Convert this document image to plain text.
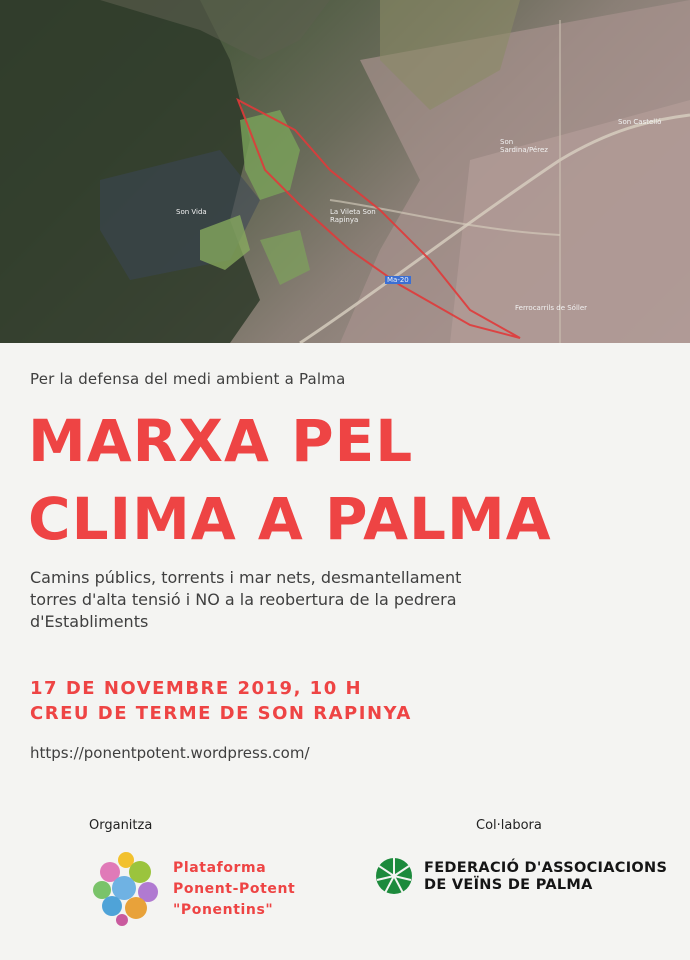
Son Vida	La Vileta Son Rapinya
Son Castelló
Son Sardina/Pérez
Ferrocarrils de Sóller
Ma-20
Per la defensa del medi ambient a Palma
MARXA PEL
CLIMA A PALMA
Camins públics, torrents i mar nets, desmantellament
torres d'alta tensió i NO a la reobertura de la pedrera
d'Establiments
17 DE NOVEMBRE 2019, 10 H
CREU DE TERME DE SON RAPINYA
https://ponentpotent.wordpress.com/
Organitza	Col·labora
Plataforma
Ponent-Potent
"Ponentins"
FEDERACIÓ D'ASSOCIACIONS
DE VEÏNS DE PALMA
